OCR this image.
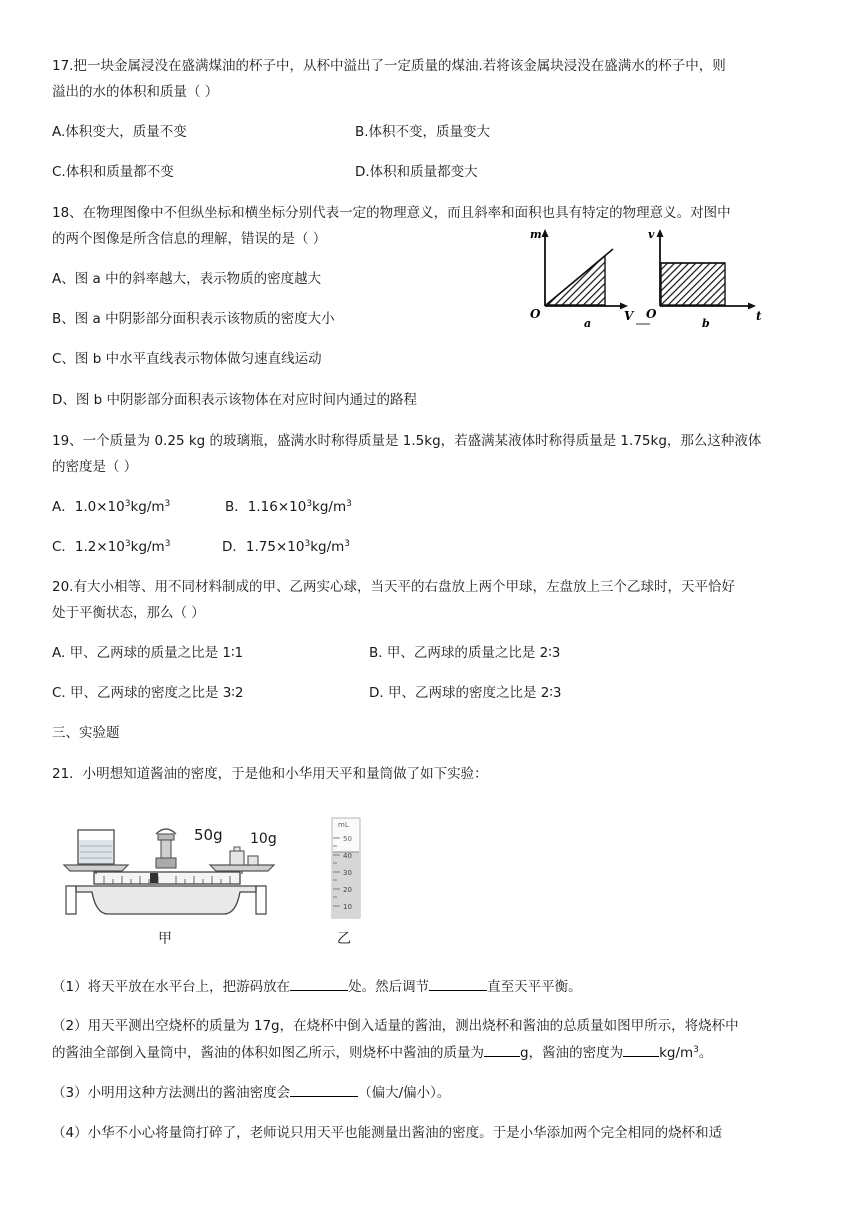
17.把一块金属浸没在盛满煤油的杯子中，从杯中溢出了一定质量的煤油.若将该金属块浸没在盛满水的杯子中，则
溢出的水的体积和质量（ ）
A.体积变大，质量不变	B.体积不变，质量变大
C.体积和质量都不变	D.体积和质量都变大
18、在物理图像中不但纵坐标和横坐标分别代表一定的物理意义，而且斜率和面积也具有特定的物理意义。对图中
的两个图像是所含信息的理解，错误的是（ ）
A、图 a 中的斜率越大，表示物质的密度越大
B、图 a 中阴影部分面积表示该物质的密度大小
C、图 b 中水平直线表示物体做匀速直线运动
D、图 b 中阴影部分面积表示该物体在对应时间内通过的路程
m
O	V
a
v
O	t
b
19、一个质量为 0.25 kg 的玻璃瓶，盛满水时称得质量是 1.5kg，若盛满某液体时称得质量是 1.75kg，那么这种液体
的密度是（ ）
A．$1.0\times 10^3kg/m^3$	B．$1.16\times 10^3kg/m^3$
C．$1.2\times 10^3kg/m^3$	D．$1.75\times 10^3kg/m^3$
20.有大小相等、用不同材料制成的甲、乙两实心球，当天平的右盘放上两个甲球，左盘放上三个乙球时，天平恰好
处于平衡状态，那么（ ）
A. 甲、乙两球的质量之比是 1∶1	B. 甲、乙两球的质量之比是 2∶3
C. 甲、乙两球的密度之比是 3∶2	D. 甲、乙两球的密度之比是 2∶3
三、实验题
21．小明想知道酱油的密度，于是他和小华用天平和量筒做了如下实验：
50g 10g
甲
mL
50
40
30
20
10
乙
（1）将天平放在水平台上，把游码放在	处。然后调节	直至天平平衡。
（2）用天平测出空烧杯的质量为 17g，在烧杯中倒入适量的酱油，测出烧杯和酱油的总质量如图甲所示，将烧杯中
的酱油全部倒入量筒中，酱油的体积如图乙所示，则烧杯中酱油的质量为	g，酱油的密度为	$kg/m^3$。
（3）小明用这种方法测出的酱油密度会	（偏大/偏小）。
（4）小华不小心将量筒打碎了，老师说只用天平也能测量出酱油的密度。于是小华添加两个完全相同的烧杯和适
